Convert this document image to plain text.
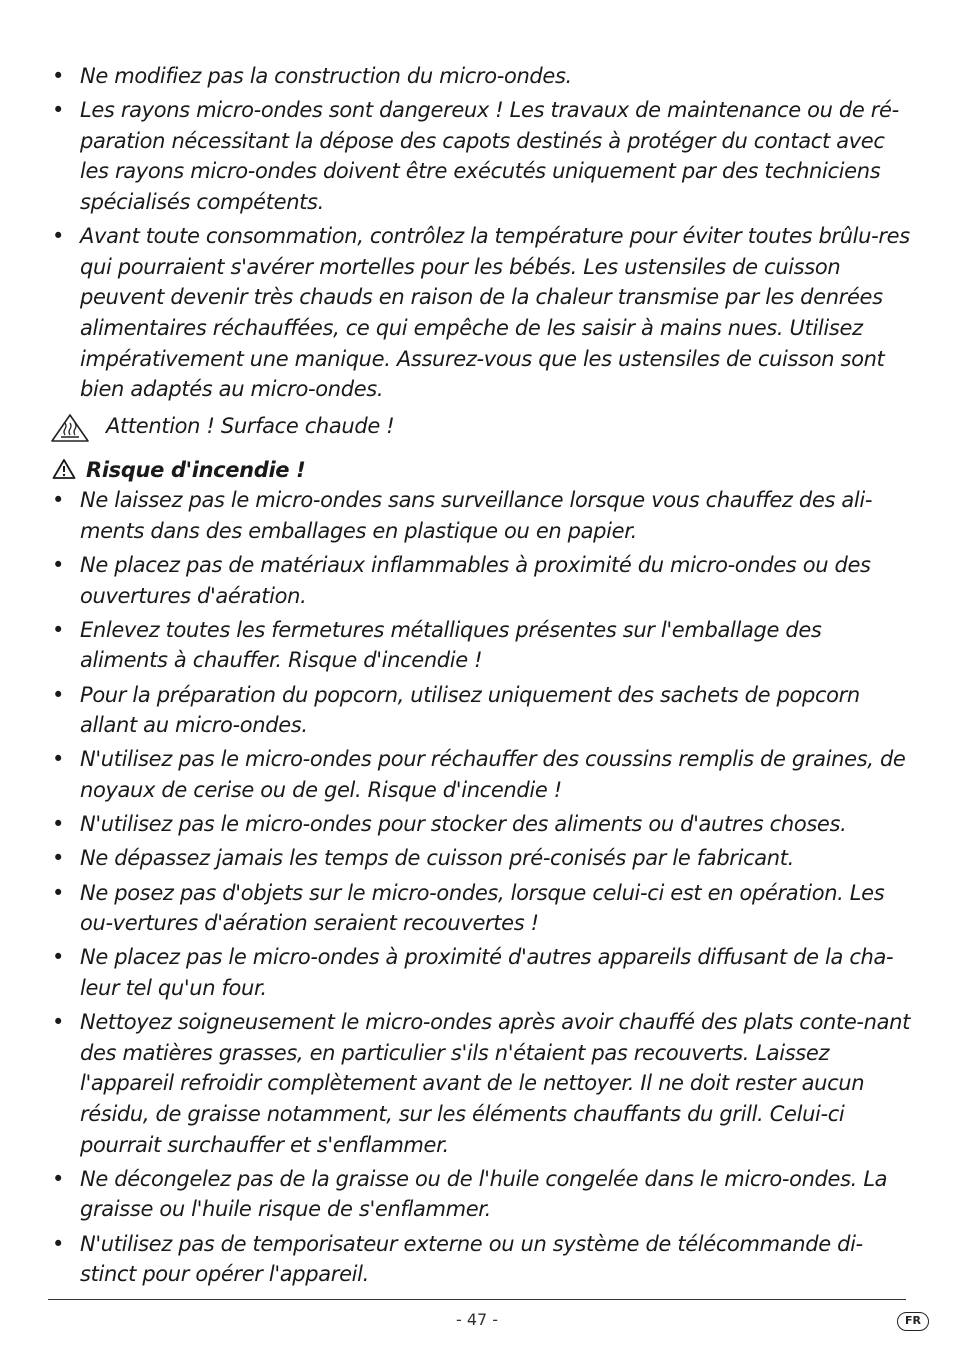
• Ne modifiez pas la construction du micro-ondes.
• Les rayons micro-ondes sont dangereux ! Les travaux de maintenance ou de ré-paration nécessitant la dépose des capots destinés à protéger du contact avec les rayons micro-ondes doivent être exécutés uniquement par des techniciens spécialisés compétents.
• Avant toute consommation, contrôlez la température pour éviter toutes brûlu-res qui pourraient s'avérer mortelles pour les bébés. Les ustensiles de cuisson peuvent devenir très chauds en raison de la chaleur transmise par les denrées alimentaires réchauffées, ce qui empêche de les saisir à mains nues. Utilisez impérativement une manique. Assurez-vous que les ustensiles de cuisson sont bien adaptés au micro-ondes.
Attention ! Surface chaude !
Risque d'incendie !
• Ne laissez pas le micro-ondes sans surveillance lorsque vous chauffez des ali-ments dans des emballages en plastique ou en papier.
• Ne placez pas de matériaux inflammables à proximité du micro-ondes ou des ouvertures d'aération.
• Enlevez toutes les fermetures métalliques présentes sur l'emballage des aliments à chauffer. Risque d'incendie !
• Pour la préparation du popcorn, utilisez uniquement des sachets de popcorn allant au micro-ondes.
• N'utilisez pas le micro-ondes pour réchauffer des coussins remplis de graines, de noyaux de cerise ou de gel. Risque d'incendie !
• N'utilisez pas le micro-ondes pour stocker des aliments ou d'autres choses.
• Ne dépassez jamais les temps de cuisson pré-conisés par le fabricant.
• Ne posez pas d'objets sur le micro-ondes, lorsque celui-ci est en opération. Les ou-vertures d'aération seraient recouvertes !
• Ne placez pas le micro-ondes à proximité d'autres appareils diffusant de la cha-leur tel qu'un four.
• Nettoyez soigneusement le micro-ondes après avoir chauffé des plats conte-nant des matières grasses, en particulier s'ils n'étaient pas recouverts. Laissez l'appareil refroidir complètement avant de le nettoyer. Il ne doit rester aucun résidu, de graisse notamment, sur les éléments chauffants du grill. Celui-ci pourrait surchauffer et s'enflammer.
• Ne décongelez pas de la graisse ou de l'huile congelée dans le micro-ondes. La graisse ou l'huile risque de s'enflammer.
• N'utilisez pas de temporisateur externe ou un système de télécommande di-stinct pour opérer l'appareil.
- 47 -	FR
